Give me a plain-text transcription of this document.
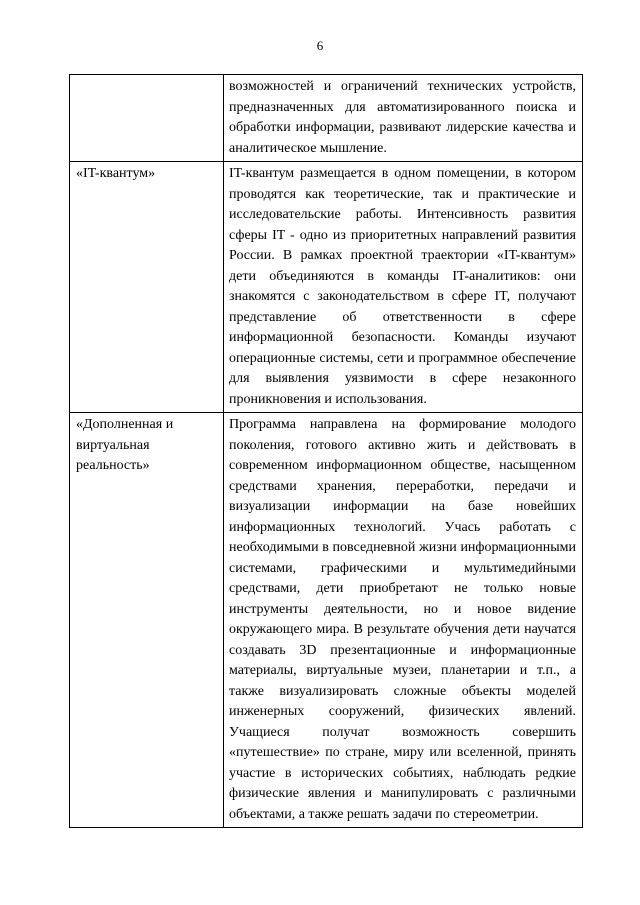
6
	возможностей и ограничений технических устройств, предназначенных для автоматизированного поиска и обработки информации, развивают лидерские качества и аналитическое мышление.
«IT-квантум»	IT-квантум размещается в одном помещении, в котором проводятся как теоретические, так и практические и исследовательские работы. Интенсивность развития сферы IT - одно из приоритетных направлений развития России. В рамках проектной траектории «IT-квантум» дети объединяются в команды IT-аналитиков: они знакомятся с законодательством в сфере IT, получают представление об ответственности в сфере информационной безопасности. Команды изучают операционные системы, сети и программное обеспечение для выявления уязвимости в сфере незаконного проникновения и использования.
«Дополненная и виртуальная реальность»	Программа направлена на формирование молодого поколения, готового активно жить и действовать в современном информационном обществе, насыщенном средствами хранения, переработки, передачи и визуализации информации на базе новейших информационных технологий. Учась работать с необходимыми в повседневной жизни информационными системами, графическими и мультимедийными средствами, дети приобретают не только новые инструменты деятельности, но и новое видение окружающего мира. В результате обучения дети научатся создавать 3D презентационные и информационные материалы, виртуальные музеи, планетарии и т.п., а также визуализировать сложные объекты моделей инженерных сооружений, физических явлений. Учащиеся получат возможность совершить «путешествие» по стране, миру или вселенной, принять участие в исторических событиях, наблюдать редкие физические явления и манипулировать с различными объектами, а также решать задачи по стереометрии.
